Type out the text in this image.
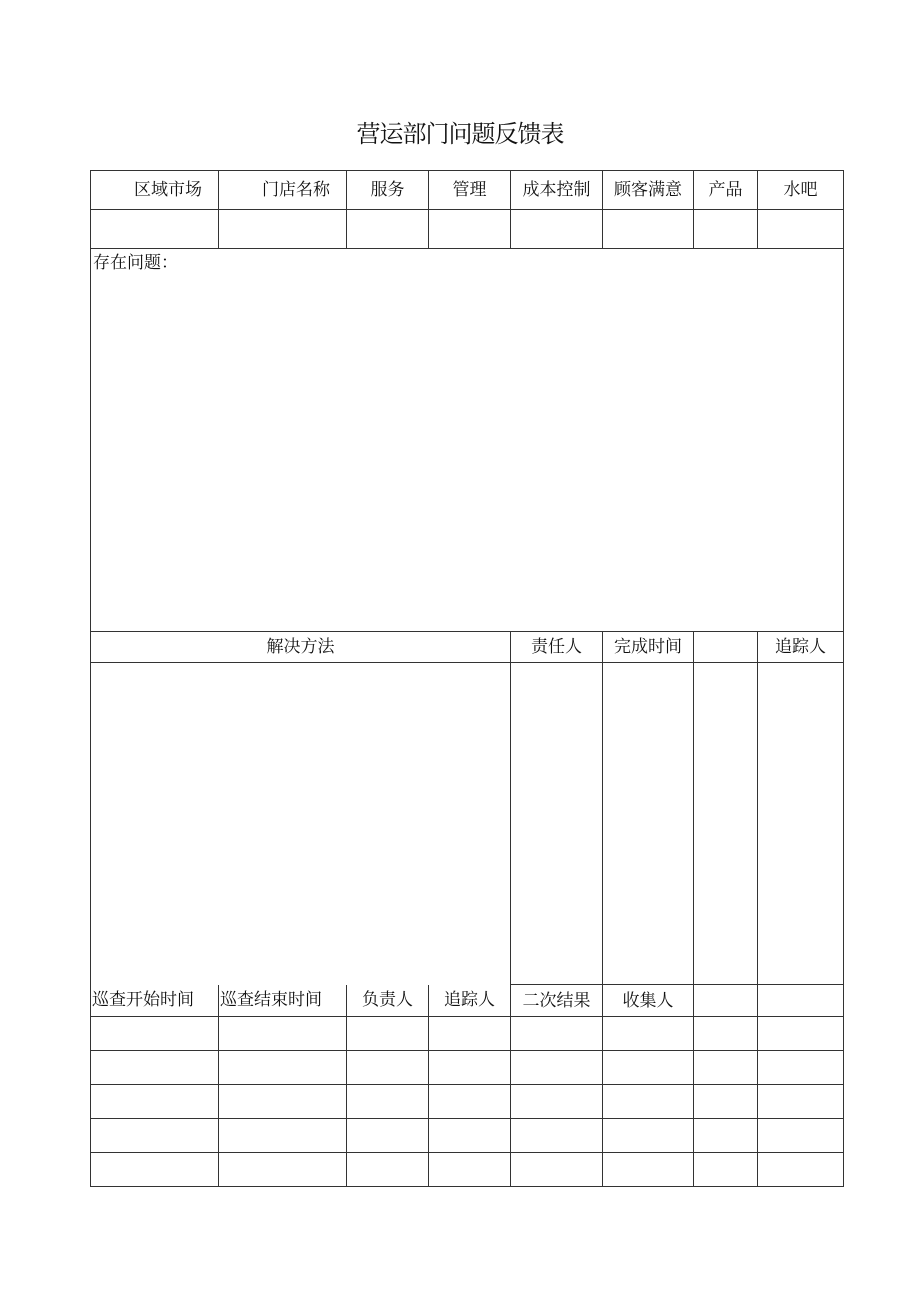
营运部门问题反馈表
区域市场	门店名称	服务	管理	成本控制	顾客满意	产品	水吧

存在问题：							
解决方法				责任人	完成时间		追踪人

巡查开始时间	巡查结束时间	负责人	追踪人	二次结果	收集人		
